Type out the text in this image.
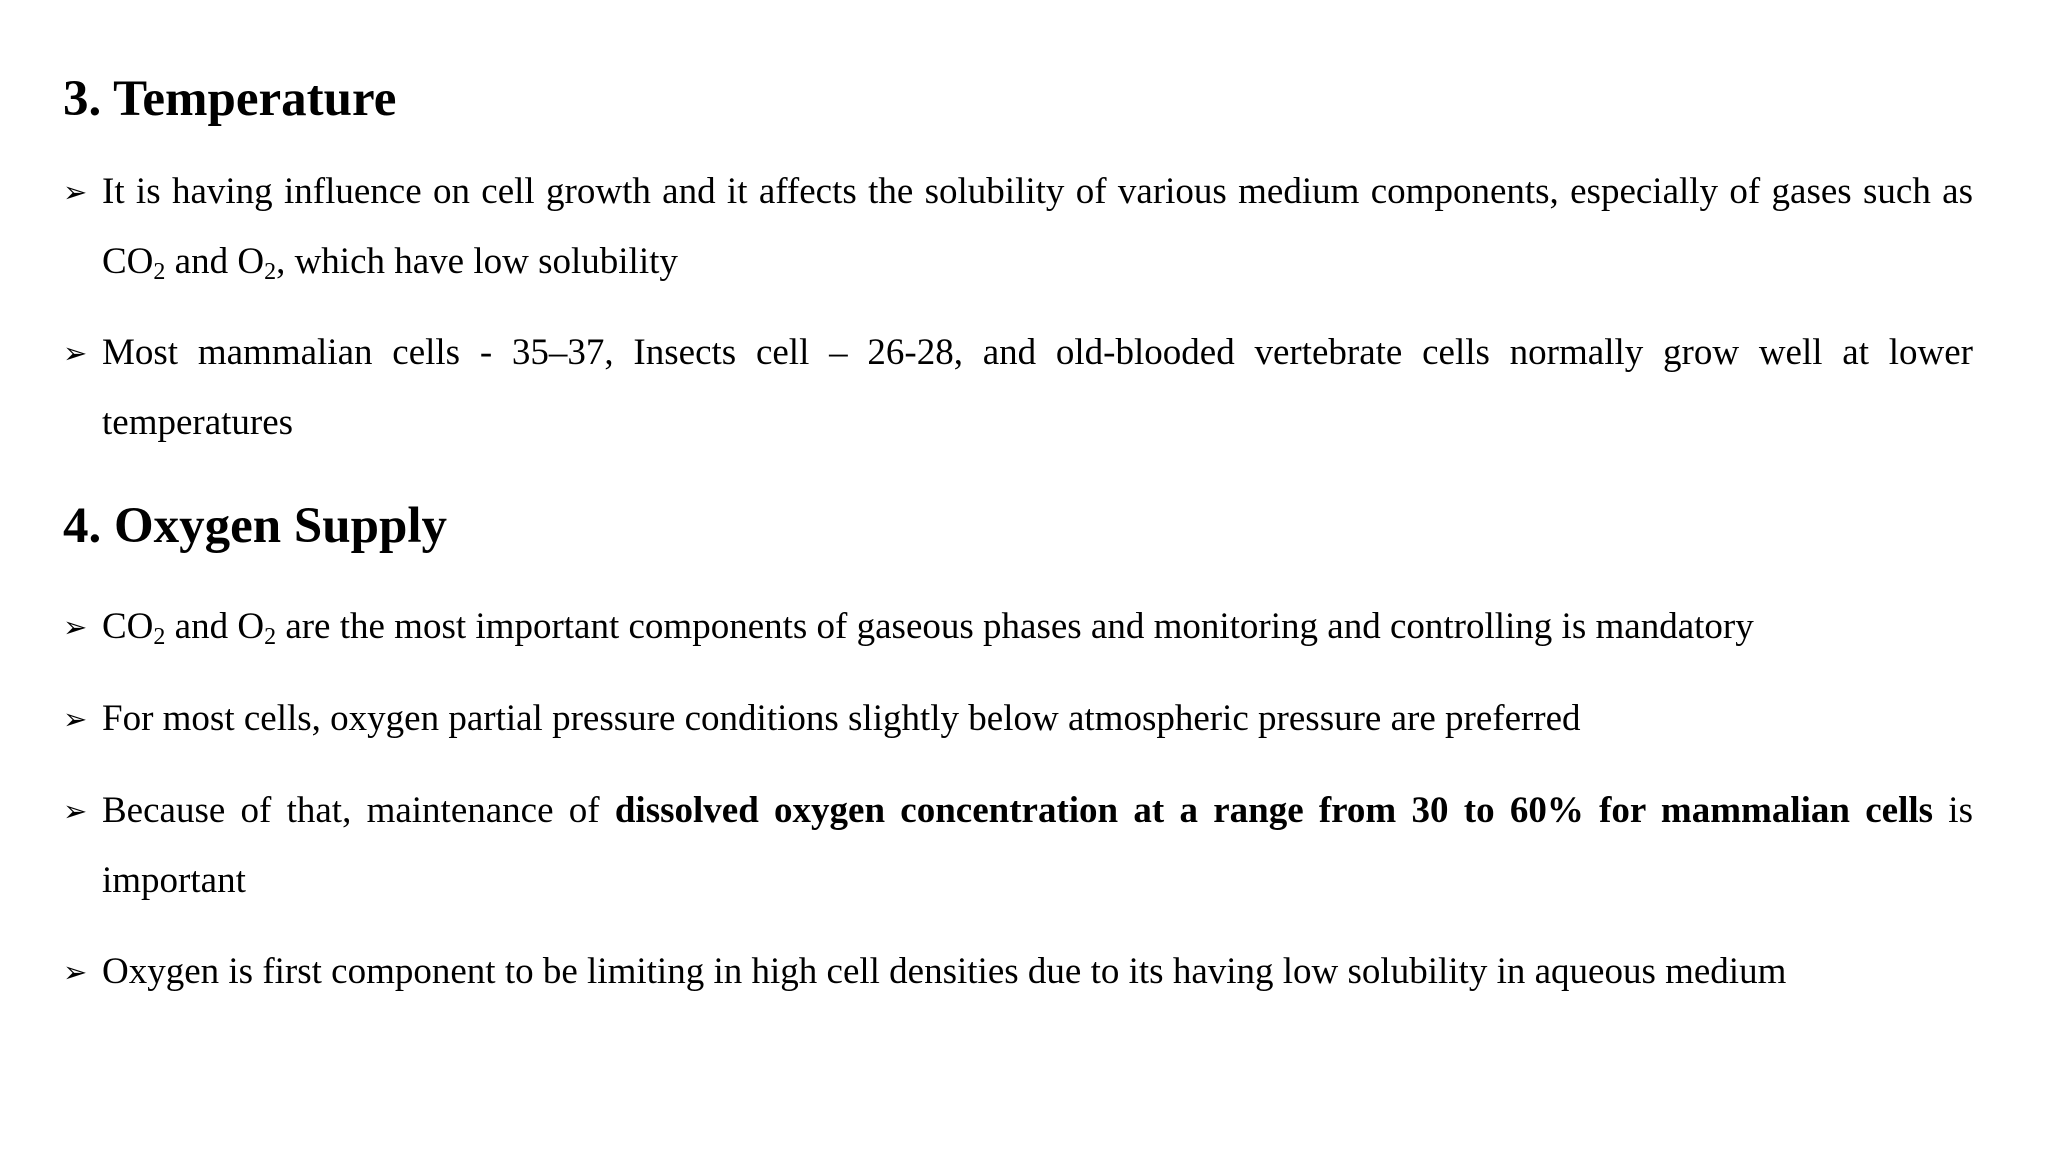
3. Temperature
➢ It is having influence on cell growth and it affects the solubility of various medium components, especially of gases such as $CO_2$ and $O_2$, which have low solubility
➢ Most mammalian cells - 35–37, Insects cell – 26-28, and old-blooded vertebrate cells normally grow well at lower temperatures
4. Oxygen Supply
➢ $CO_2$ and $O_2$ are the most important components of gaseous phases and monitoring and controlling is mandatory
➢ For most cells, oxygen partial pressure conditions slightly below atmospheric pressure are preferred
➢ Because of that, maintenance of dissolved oxygen concentration at a range from 30 to 60% for mammalian cells is important
➢ Oxygen is first component to be limiting in high cell densities due to its having low solubility in aqueous medium
